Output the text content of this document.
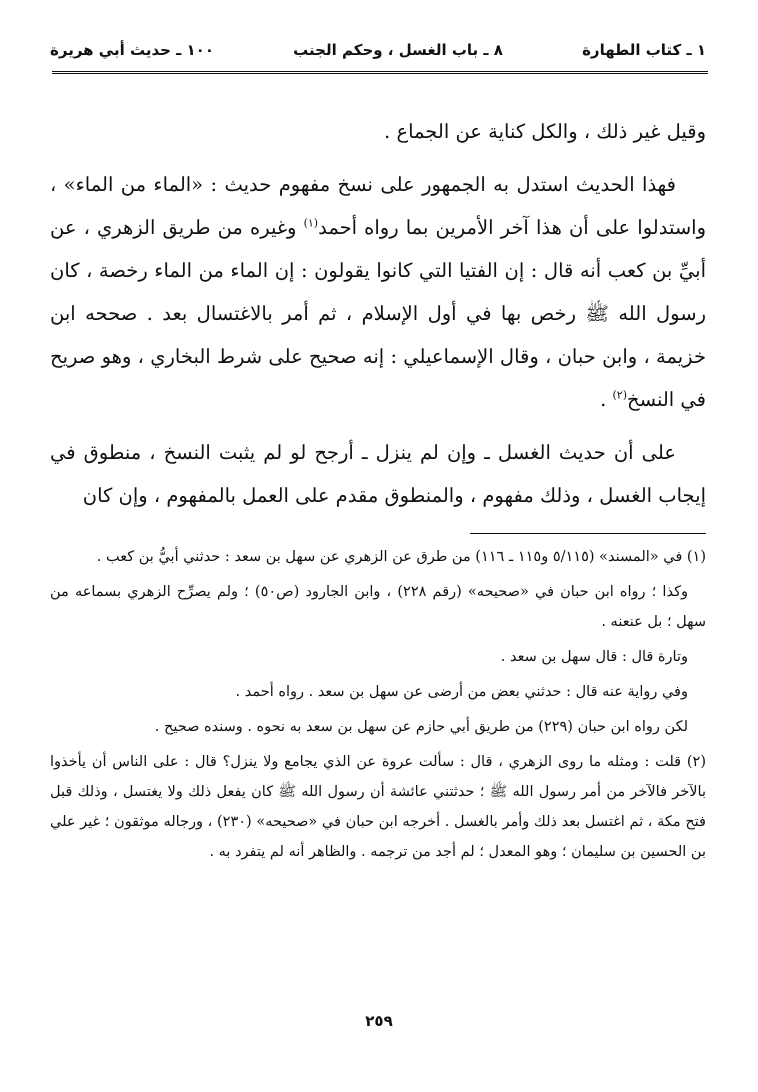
١ ـ كتاب الطهارة
٨ ـ باب الغسل ، وحكم الجنب
١٠٠ ـ حديث أبي هريرة

وقيل غير ذلك ، والكل كناية عن الجماع .

فهذا الحديث استدل به الجمهور على نسخ مفهوم حديث : «الماء من الماء» ، واستدلوا على أن هذا آخر الأمرين بما رواه أحمد$^{(١)}$ وغيره من طريق الزهري ، عن أبيِّ بن كعب أنه قال : إن الفتيا التي كانوا يقولون : إن الماء من الماء رخصة ، كان رسول الله ﷺ رخص بها في أول الإسلام ، ثم أمر بالاغتسال بعد . صححه ابن خزيمة ، وابن حبان ، وقال الإسماعيلي : إنه صحيح على شرط البخاري ، وهو صريح في النسخ$^{(٢)}$ .

على أن حديث الغسل ـ وإن لم ينزل ـ أرجح لو لم يثبت النسخ ، منطوق في إيجاب الغسل ، وذلك مفهوم ، والمنطوق مقدم على العمل بالمفهوم ، وإن كان

(١) في «المسند» (٥/١١٥ و١١٥ ـ ١١٦) من طرق عن الزهري عن سهل بن سعد : حدثني أبيُّ بن كعب .

وكذا ؛ رواه ابن حبان في «صحيحه» (رقم ٢٢٨) ، وابن الجارود (ص٥٠) ؛ ولم يصرِّح الزهري بسماعه من سهل ؛ بل عنعنه .

وتارة قال : قال سهل بن سعد .

وفي رواية عنه قال : حدثني بعض من أرضى عن سهل بن سعد . رواه أحمد .

لكن رواه ابن حبان (٢٢٩) من طريق أبي حازم عن سهل بن سعد به نحوه . وسنده صحيح .

(٢) قلت : ومثله ما روى الزهري ، قال : سألت عروة عن الذي يجامع ولا ينزل؟ قال : على الناس أن يأخذوا بالآخر فالآخر من أمر رسول الله ﷺ ؛ حدثتني عائشة أن رسول الله ﷺ كان يفعل ذلك ولا يغتسل ، وذلك قبل فتح مكة ، ثم اغتسل بعد ذلك وأمر بالغسل . أخرجه ابن حبان في «صحيحه» (٢٣٠) ، ورجاله موثقون ؛ غير علي بن الحسين بن سليمان ؛ وهو المعدل ؛ لم أجد من ترجمه . والظاهر أنه لم يتفرد به .

٢٥٩
